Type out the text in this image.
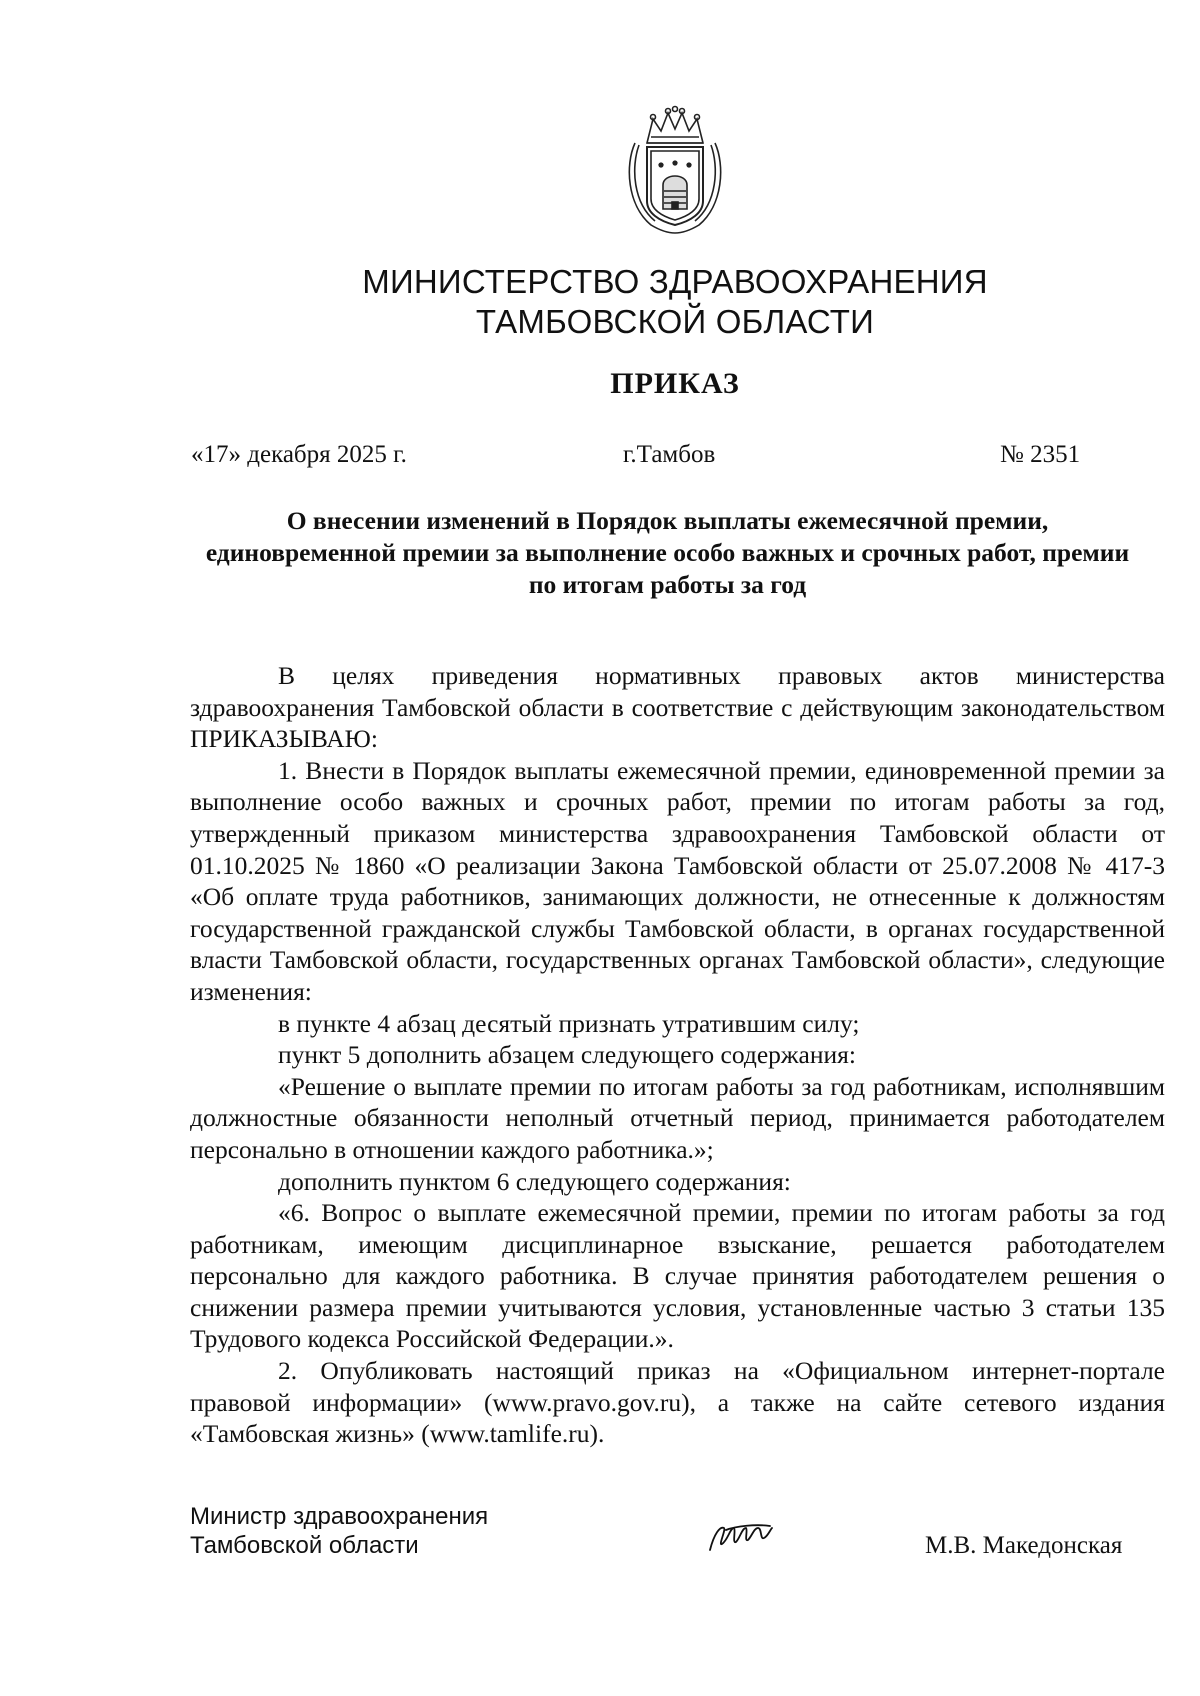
МИНИСТЕРСТВО ЗДРАВООХРАНЕНИЯ
ТАМБОВСКОЙ ОБЛАСТИ
ПРИКАЗ
«17» декабря 2025 г.	г.Тамбов	№ 2351
О внесении изменений в Порядок выплаты ежемесячной премии, единовременной премии за выполнение особо важных и срочных работ, премии по итогам работы за год

В целях приведения нормативных правовых актов министерства здравоохранения Тамбовской области в соответствие с действующим законодательством ПРИКАЗЫВАЮ:

1. Внести в Порядок выплаты ежемесячной премии, единовременной премии за выполнение особо важных и срочных работ, премии по итогам работы за год, утвержденный приказом министерства здравоохранения Тамбовской области от 01.10.2025 № 1860 «О реализации Закона Тамбовской области от 25.07.2008 № 417-3 «Об оплате труда работников, занимающих должности, не отнесенные к должностям государственной гражданской службы Тамбовской области, в органах государственной власти Тамбовской области, государственных органах Тамбовской области», следующие изменения:

в пункте 4 абзац десятый признать утратившим силу;

пункт 5 дополнить абзацем следующего содержания:

«Решение о выплате премии по итогам работы за год работникам, исполнявшим должностные обязанности неполный отчетный период, принимается работодателем персонально в отношении каждого работника.»;

дополнить пунктом 6 следующего содержания:

«6. Вопрос о выплате ежемесячной премии, премии по итогам работы за год работникам, имеющим дисциплинарное взыскание, решается работодателем персонально для каждого работника. В случае принятия работодателем решения о снижении размера премии учитываются условия, установленные частью 3 статьи 135 Трудового кодекса Российской Федерации.».

2. Опубликовать настоящий приказ на «Официальном интернет-портале правовой информации» (www.pravo.gov.ru), а также на сайте сетевого издания «Тамбовская жизнь» (www.tamlife.ru).

Министр здравоохранения
Тамбовской области	М.В. Македонская
